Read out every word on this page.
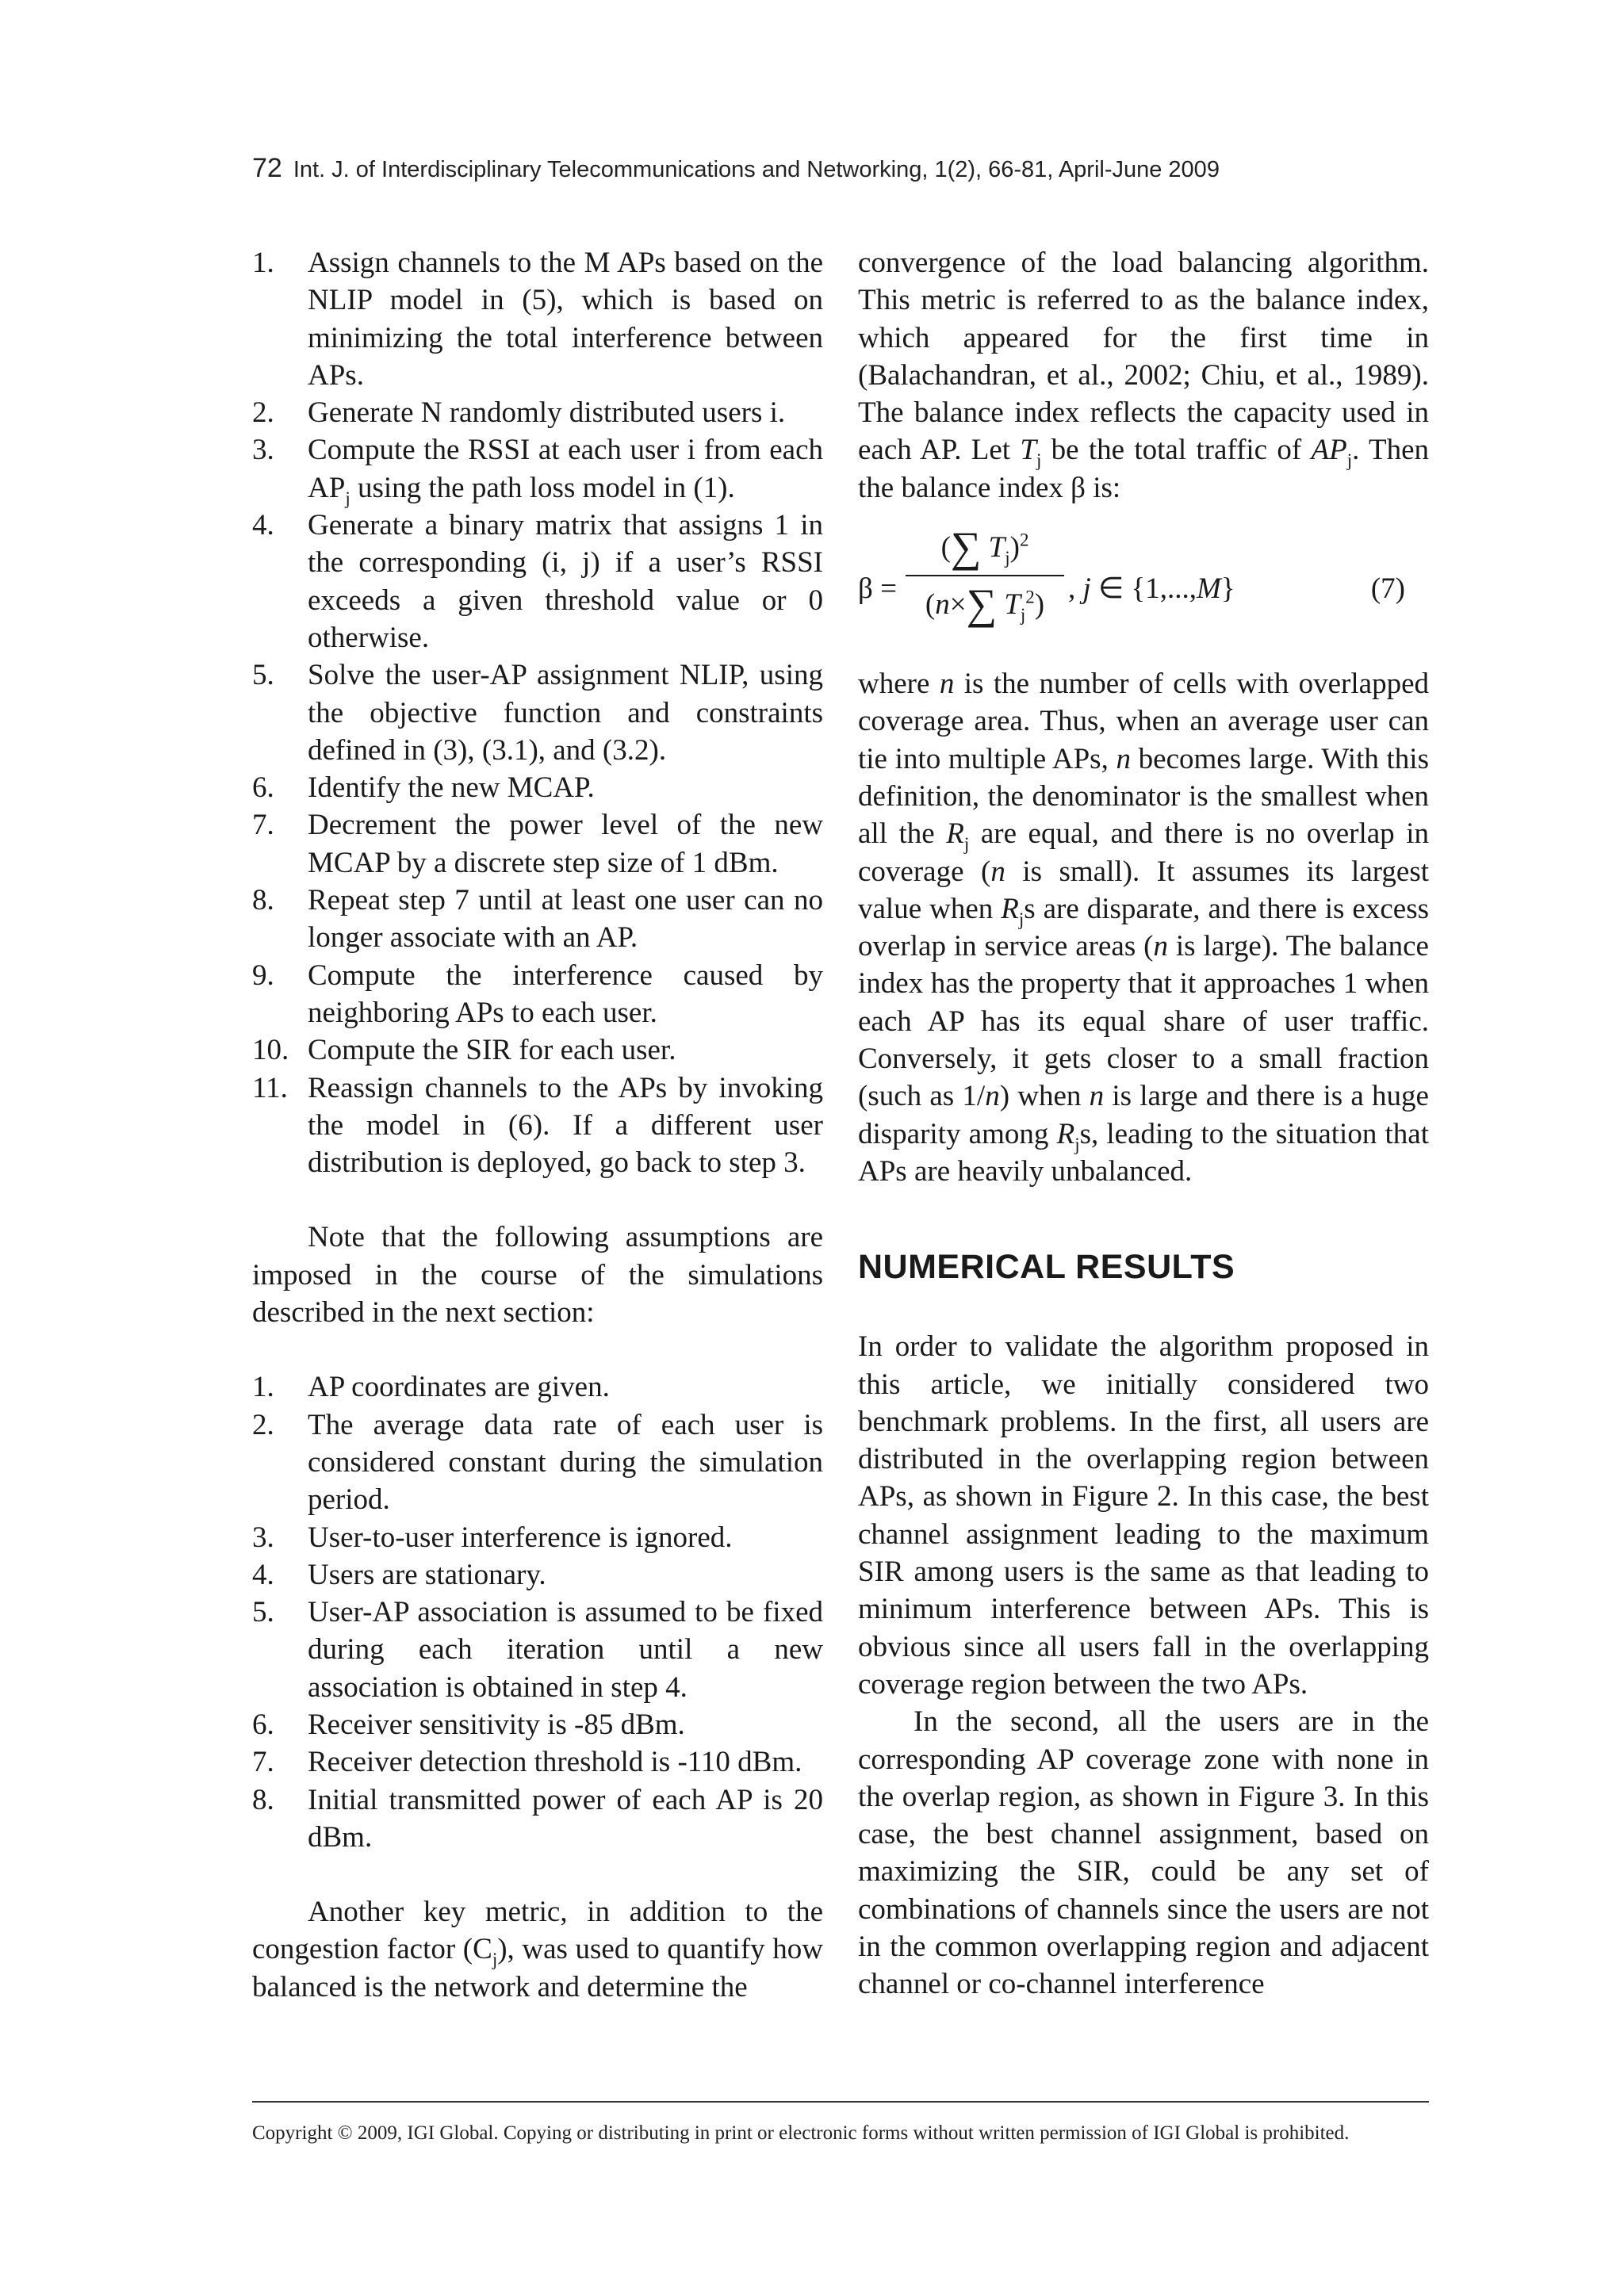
72 Int. J. of Interdisciplinary Telecommunications and Networking, 1(2), 66-81, April-June 2009
1. Assign channels to the M APs based on the NLIP model in (5), which is based on minimizing the total interference between APs.
2. Generate N randomly distributed users i.
3. Compute the RSSI at each user i from each $AP_j$ using the path loss model in (1).
4. Generate a binary matrix that assigns 1 in the corresponding (i, j) if a user’s RSSI exceeds a given threshold value or 0 otherwise.
5. Solve the user-AP assignment NLIP, using the objective function and constraints defined in (3), (3.1), and (3.2).
6. Identify the new MCAP.
7. Decrement the power level of the new MCAP by a discrete step size of 1 dBm.
8. Repeat step 7 until at least one user can no longer associate with an AP.
9. Compute the interference caused by neighboring APs to each user.
10. Compute the SIR for each user.
11. Reassign channels to the APs by invoking the model in (6). If a different user distribution is deployed, go back to step 3.

Note that the following assumptions are imposed in the course of the simulations described in the next section:

1. AP coordinates are given.
2. The average data rate of each user is considered constant during the simulation period.
3. User-to-user interference is ignored.
4. Users are stationary.
5. User-AP association is assumed to be fixed during each iteration until a new association is obtained in step 4.
6. Receiver sensitivity is -85 dBm.
7. Receiver detection threshold is -110 dBm.
8. Initial transmitted power of each AP is 20 dBm.

Another key metric, in addition to the congestion factor $(C_j)$, was used to quantify how balanced is the network and determine the

convergence of the load balancing algorithm. This metric is referred to as the balance index, which appeared for the first time in (Balachandran, et al., 2002; Chiu, et al., 1989). The balance index reflects the capacity used in each AP. Let $T_j$ be the total traffic of $AP_j$. Then the balance index β is:

β =
(∑ $T_j)^2$
(n×∑ $T_j^2$) , j ∈ {1,...,M}	(7)

where n is the number of cells with overlapped coverage area. Thus, when an average user can tie into multiple APs, n becomes large. With this definition, the denominator is the smallest when all the $R_j$ are equal, and there is no overlap in coverage (n is small). It assumes its largest value when $R_js$ are disparate, and there is excess overlap in service areas (n is large). The balance index has the property that it approaches 1 when each AP has its equal share of user traffic. Conversely, it gets closer to a small fraction (such as 1/n) when n is large and there is a huge disparity among $R_js$, leading to the situation that APs are heavily unbalanced.

NUMERICAL RESULTS

In order to validate the algorithm proposed in this article, we initially considered two benchmark problems. In the first, all users are distributed in the overlapping region between APs, as shown in Figure 2. In this case, the best channel assignment leading to the maximum SIR among users is the same as that leading to minimum interference between APs. This is obvious since all users fall in the overlapping coverage region between the two APs.

In the second, all the users are in the corresponding AP coverage zone with none in the overlap region, as shown in Figure 3. In this case, the best channel assignment, based on maximizing the SIR, could be any set of combinations of channels since the users are not in the common overlapping region and adjacent channel or co-channel interference

Copyright © 2009, IGI Global. Copying or distributing in print or electronic forms without written permission of IGI Global is prohibited.
